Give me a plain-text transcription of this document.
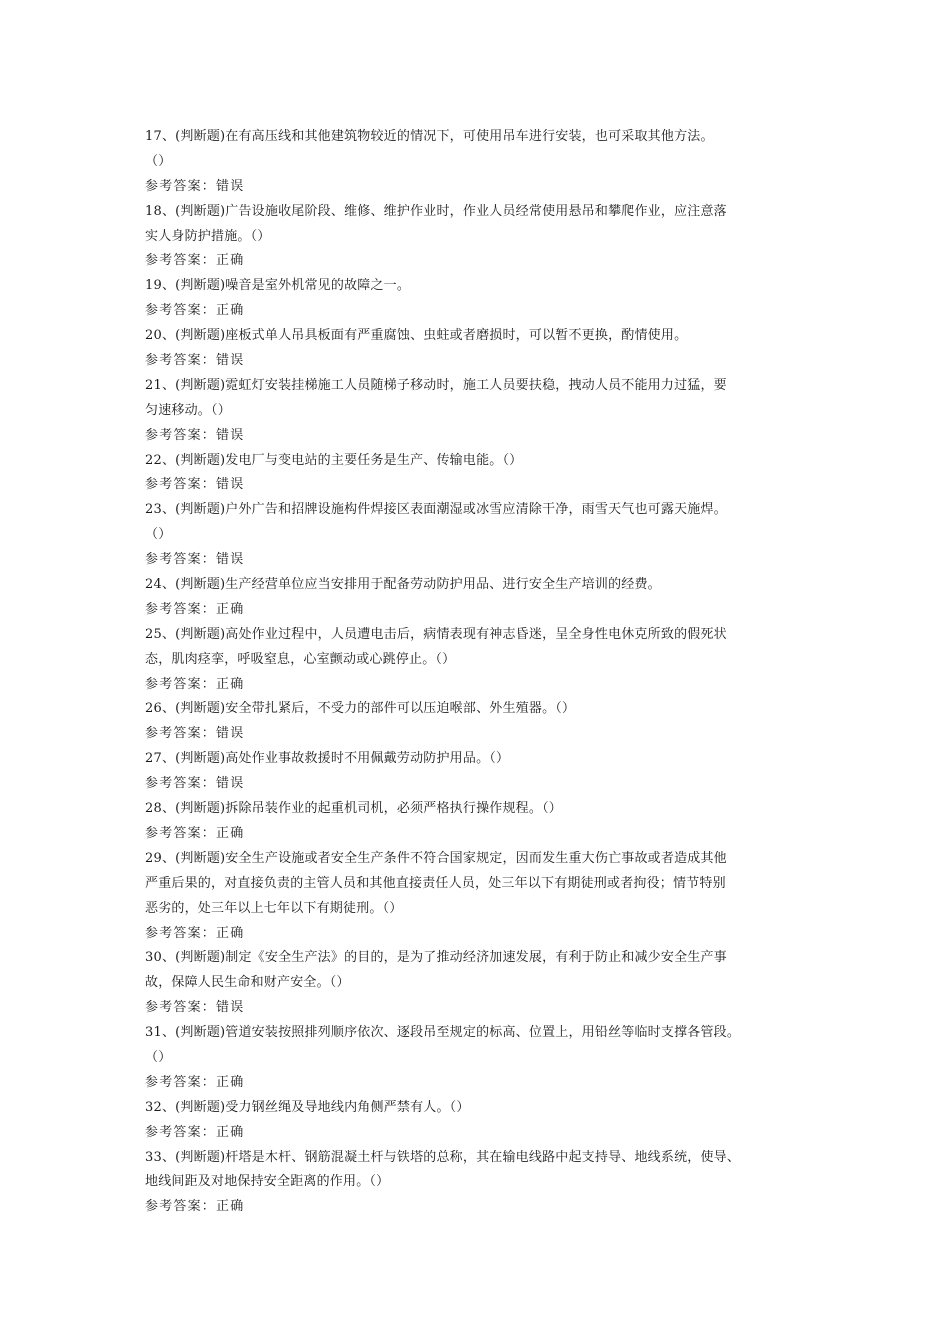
17、(判断题)在有高压线和其他建筑物较近的情况下，可使用吊车进行安装，也可采取其他方法。
（）
参考答案：错误
18、(判断题)广告设施收尾阶段、维修、维护作业时，作业人员经常使用悬吊和攀爬作业，应注意落
实人身防护措施。（）
参考答案：正确
19、(判断题)噪音是室外机常见的故障之一。
参考答案：正确
20、(判断题)座板式单人吊具板面有严重腐蚀、虫蛀或者磨损时，可以暂不更换，酌情使用。
参考答案：错误
21、(判断题)霓虹灯安装挂梯施工人员随梯子移动时，施工人员要扶稳，拽动人员不能用力过猛，要
匀速移动。（）
参考答案：错误
22、(判断题)发电厂与变电站的主要任务是生产、传输电能。（）
参考答案：错误
23、(判断题)户外广告和招牌设施构件焊接区表面潮湿或冰雪应清除干净，雨雪天气也可露天施焊。
（）
参考答案：错误
24、(判断题)生产经营单位应当安排用于配备劳动防护用品、进行安全生产培训的经费。
参考答案：正确
25、(判断题)高处作业过程中，人员遭电击后，病情表现有神志昏迷，呈全身性电休克所致的假死状
态，肌肉痉挛，呼吸窒息，心室颤动或心跳停止。（）
参考答案：正确
26、(判断题)安全带扎紧后，不受力的部件可以压迫喉部、外生殖器。（）
参考答案：错误
27、(判断题)高处作业事故救援时不用佩戴劳动防护用品。（）
参考答案：错误
28、(判断题)拆除吊装作业的起重机司机，必须严格执行操作规程。（）
参考答案：正确
29、(判断题)安全生产设施或者安全生产条件不符合国家规定，因而发生重大伤亡事故或者造成其他
严重后果的，对直接负责的主管人员和其他直接责任人员，处三年以下有期徒刑或者拘役；情节特别
恶劣的，处三年以上七年以下有期徒刑。（）
参考答案：正确
30、(判断题)制定《安全生产法》的目的，是为了推动经济加速发展，有利于防止和减少安全生产事
故，保障人民生命和财产安全。（）
参考答案：错误
31、(判断题)管道安装按照排列顺序依次、逐段吊至规定的标高、位置上，用铅丝等临时支撑各管段。
（）
参考答案：正确
32、(判断题)受力钢丝绳及导地线内角侧严禁有人。（）
参考答案：正确
33、(判断题)杆塔是木杆、钢筋混凝土杆与铁塔的总称，其在输电线路中起支持导、地线系统，使导、
地线间距及对地保持安全距离的作用。（）
参考答案：正确
